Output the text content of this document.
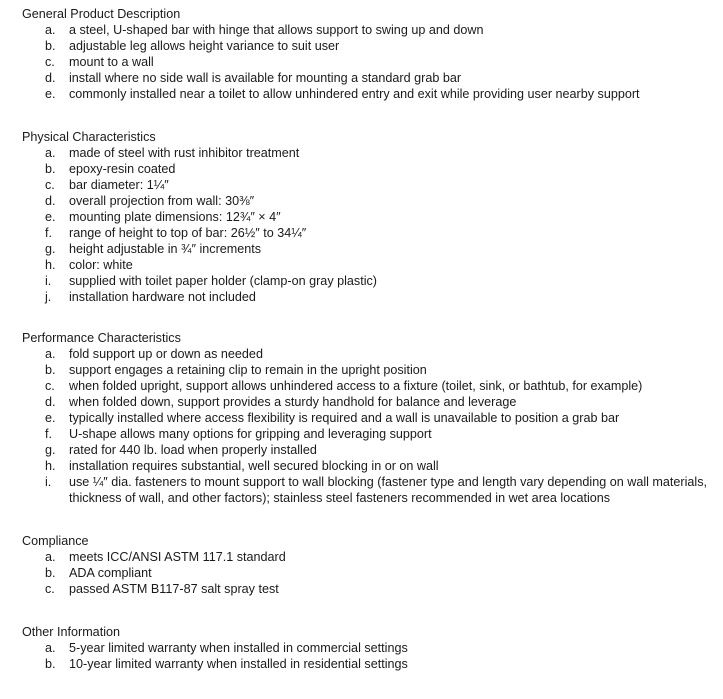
General Product Description
a.	a steel, U-shaped bar with hinge that allows support to swing up and down
b.	adjustable leg allows height variance to suit user
c.	mount to a wall
d.	install where no side wall is available for mounting a standard grab bar
e.	commonly installed near a toilet to allow unhindered entry and exit while providing user nearby support
Physical Characteristics
a.	made of steel with rust inhibitor treatment
b.	epoxy-resin coated
c.	bar diameter: 1¼″
d.	overall projection from wall: 30⅜″
e.	mounting plate dimensions: 12¾″ × 4″
f.	range of height to top of bar: 26½″ to 34¼″
g.	height adjustable in ¾″ increments
h.	color: white
i.	supplied with toilet paper holder (clamp-on gray plastic)
j.	installation hardware not included
Performance Characteristics
a.	fold support up or down as needed
b.	support engages a retaining clip to remain in the upright position
c.	when folded upright, support allows unhindered access to a fixture (toilet, sink, or bathtub, for example)
d.	when folded down, support provides a sturdy handhold for balance and leverage
e.	typically installed where access flexibility is required and a wall is unavailable to position a grab bar
f.	U-shape allows many options for gripping and leveraging support
g.	rated for 440 lb. load when properly installed
h.	installation requires substantial, well secured blocking in or on wall
i.	use ¼″ dia. fasteners to mount support to wall blocking (fastener type and length vary depending on wall materials, thickness of wall, and other factors); stainless steel fasteners recommended in wet area locations
Compliance
a.	meets ICC/ANSI ASTM 117.1 standard
b.	ADA compliant
c.	passed ASTM B117-87 salt spray test
Other Information
a.	5-year limited warranty when installed in commercial settings
b.	10-year limited warranty when installed in residential settings
